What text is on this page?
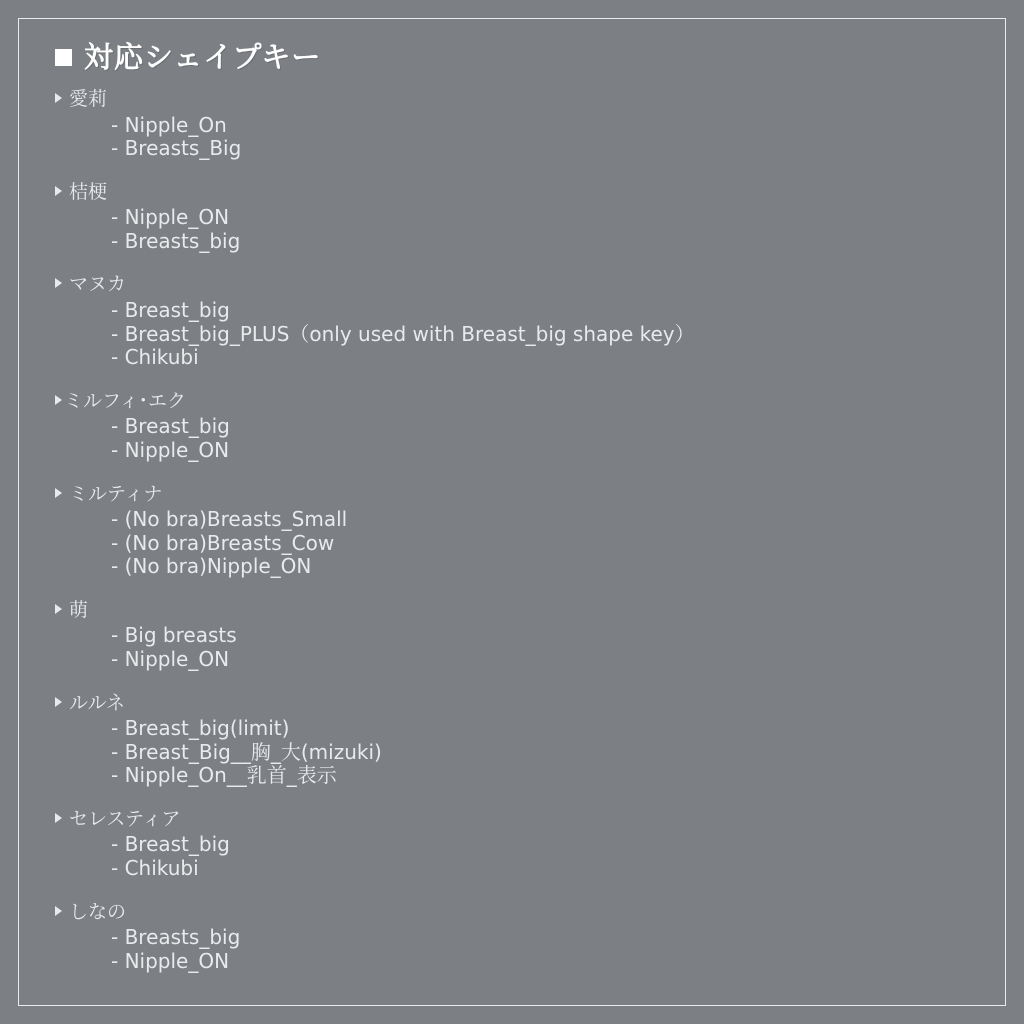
対応シェイプキー
愛莉
- Nipple_On
- Breasts_Big
桔梗
- Nipple_ON
- Breasts_big
マヌカ
- Breast_big
- Breast_big_PLUS（only used with Breast_big shape key）
- Chikubi
ミルフィ･エク
- Breast_big
- Nipple_ON
ミルティナ
- (No bra)Breasts_Small
- (No bra)Breasts_Cow
- (No bra)Nipple_ON
萌
- Big breasts
- Nipple_ON
ルルネ
- Breast_big(limit)
- Breast_Big__胸_大(mizuki)
- Nipple_On__乳首_表示
セレスティア
- Breast_big
- Chikubi
しなの
- Breasts_big
- Nipple_ON
